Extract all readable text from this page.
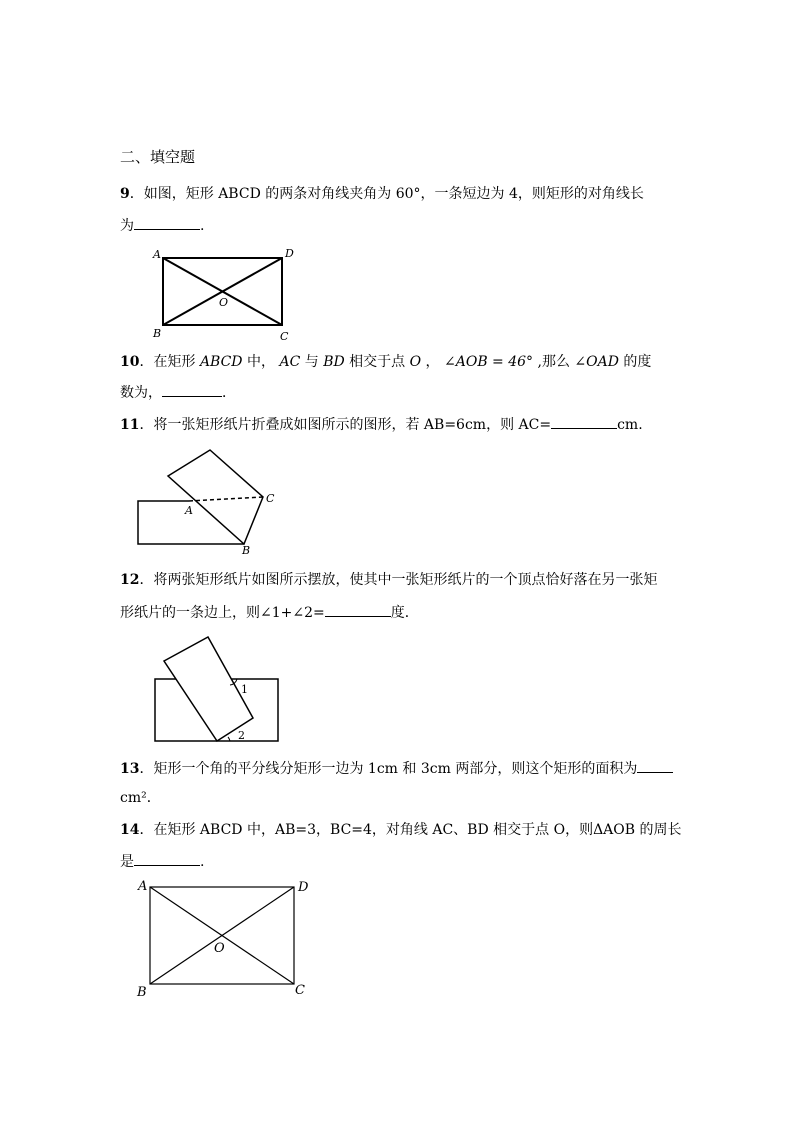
二、填空题
9．如图，矩形 ABCD 的两条对角线夹角为 60°，一条短边为 4，则矩形的对角线长
为	.
A
B	C
D
O
10．在矩形 ABCD 中， AC 与 BD 相交于点 O ， ∠AOB = 46° ,那么 ∠OAD 的度
数为，	．
11．将一张矩形纸片折叠成如图所示的图形，若 AB=6cm，则 AC=	cm.
A
B
C
12．将两张矩形纸片如图所示摆放，使其中一张矩形纸片的一个顶点恰好落在另一张矩
形纸片的一条边上，则∠1+∠2=	度．
1
2
13．矩形一个角的平分线分矩形一边为 1cm 和 3cm 两部分，则这个矩形的面积为
cm²．
14．在矩形 ABCD 中，AB=3，BC=4，对角线 AC、BD 相交于点 O，则ΔAOB 的周长
是	.
A
B	C
D
O
